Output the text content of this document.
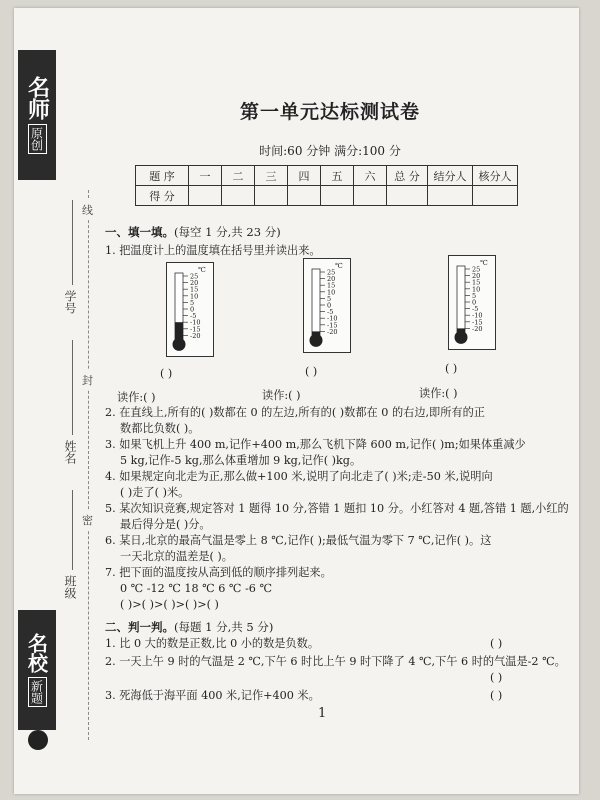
名师
原创
名校
新题
线
封
密
学号
姓名
班级
第一单元达标测试卷
时间:60 分钟 满分:100 分
题 序	一	二	三	四	五	六	总 分	结分人	核分人
得 分									
一、填一填。(每空 1 分,共 23 分)
1. 把温度计上的温度填在括号里并读出来。
℃
25
20
15
10
5
0
-5
-10
-15
-20
℃
25
20
15
10
5
0
-5
-10
-15
-20
℃
25
20
15
10
5
0
-5
-10
-15
-20
( )	( )	( )
读作:( )	读作:( )	读作:( )
2. 在直线上,所有的( )数都在 0 的左边,所有的( )数都在 0 的右边,即所有的正
数都比负数( )。
3. 如果飞机上升 400 m,记作+400 m,那么飞机下降 600 m,记作( )m;如果体重减少
5 kg,记作-5 kg,那么体重增加 9 kg,记作( )kg。
4. 如果规定向北走为正,那么做+100 米,说明了向北走了( )米;走-50 米,说明向
( )走了( )米。
5. 某次知识竞赛,规定答对 1 题得 10 分,答错 1 题扣 10 分。小红答对 4 题,答错 1 题,小红的
最后得分是( )分。
6. 某日,北京的最高气温是零上 8 ℃,记作( );最低气温为零下 7 ℃,记作( )。这
一天北京的温差是( )。
7. 把下面的温度按从高到低的顺序排列起来。
0 ℃ -12 ℃ 18 ℃ 6 ℃ -6 ℃
( )>( )>( )>( )>( )
二、判一判。(每题 1 分,共 5 分)
1. 比 0 大的数是正数,比 0 小的数是负数。	( )
2. 一天上午 9 时的气温是 2 ℃,下午 6 时比上午 9 时下降了 4 ℃,下午 6 时的气温是-2 ℃。
( )
3. 死海低于海平面 400 米,记作+400 米。	( )
1
